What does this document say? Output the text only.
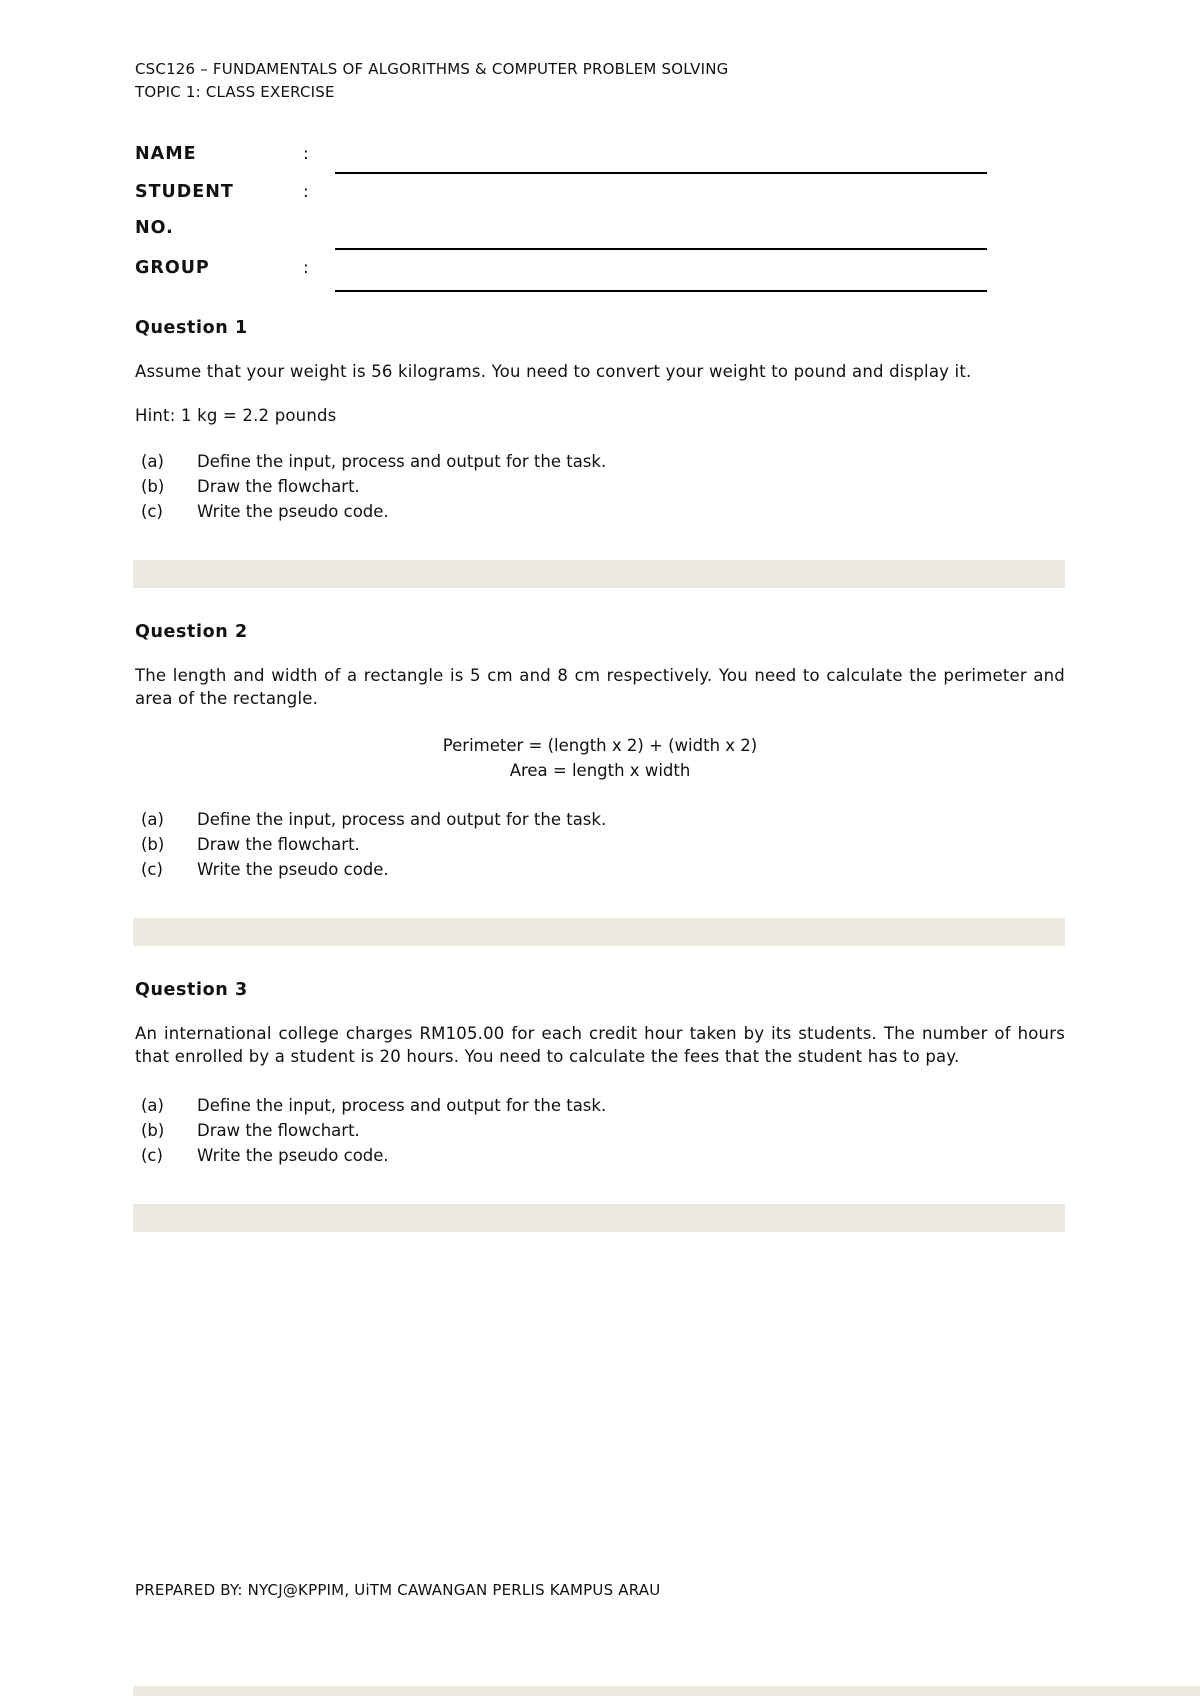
CSC126 – FUNDAMENTALS OF ALGORITHMS & COMPUTER PROBLEM SOLVING
TOPIC 1: CLASS EXERCISE
NAME	:
STUDENT NO.
:
GROUP	:
Question 1

Assume that your weight is 56 kilograms. You need to convert your weight to pound and display it.

Hint: 1 kg = 2.2 pounds

(a)	Define the input, process and output for the task.
(b)	Draw the flowchart.
(c)	Write the pseudo code.
Question 2

The length and width of a rectangle is 5 cm and 8 cm respectively. You need to calculate the perimeter and area of the rectangle.

Perimeter = (length x 2) + (width x 2)
Area = length x width
(a)	Define the input, process and output for the task.
(b)	Draw the flowchart.
(c)	Write the pseudo code.
Question 3

An international college charges RM105.00 for each credit hour taken by its students. The number of hours that enrolled by a student is 20 hours. You need to calculate the fees that the student has to pay.

(a)	Define the input, process and output for the task.
(b)	Draw the flowchart.
(c)	Write the pseudo code.
PREPARED BY: NYCJ@KPPIM, UiTM CAWANGAN PERLIS KAMPUS ARAU
